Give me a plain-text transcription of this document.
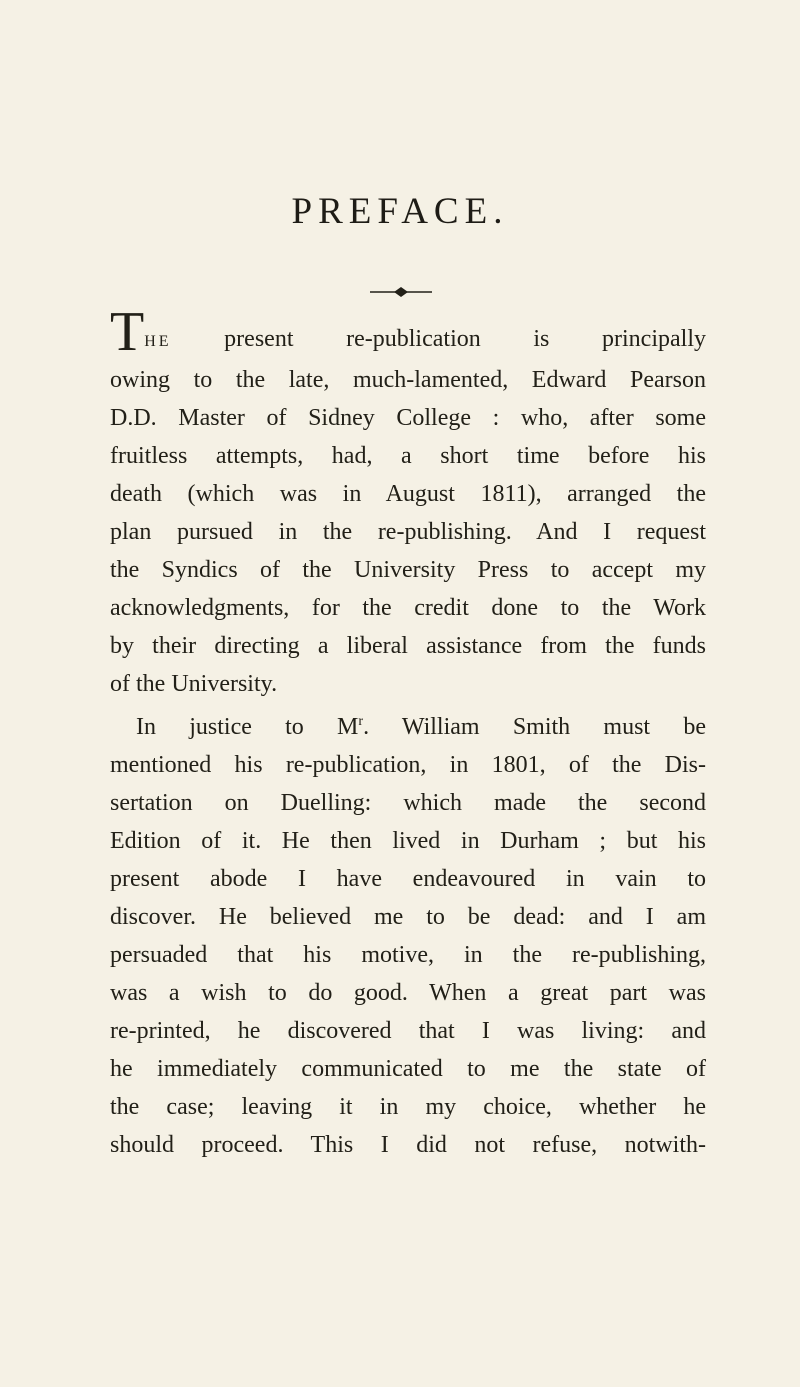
PREFACE.

THE present re-publication is principally
owing to the late, much-lamented, Edward Pearson
D.D. Master of Sidney College : who, after some
fruitless attempts, had, a short time before his
death (which was in August 1811), arranged the
plan pursued in the re-publishing. And I request
the Syndics of the University Press to accept my
acknowledgments, for the credit done to the Work
by their directing a liberal assistance from the funds
of the University.

In justice to $M^r$. William Smith must be
mentioned his re-publication, in 1801, of the Dis-
sertation on Duelling: which made the second
Edition of it. He then lived in Durham ; but his
present abode I have endeavoured in vain to
discover. He believed me to be dead: and I am
persuaded that his motive, in the re-publishing,
was a wish to do good. When a great part was
re-printed, he discovered that I was living: and
he immediately communicated to me the state of
the case; leaving it in my choice, whether he
should proceed. This I did not refuse, notwith-
